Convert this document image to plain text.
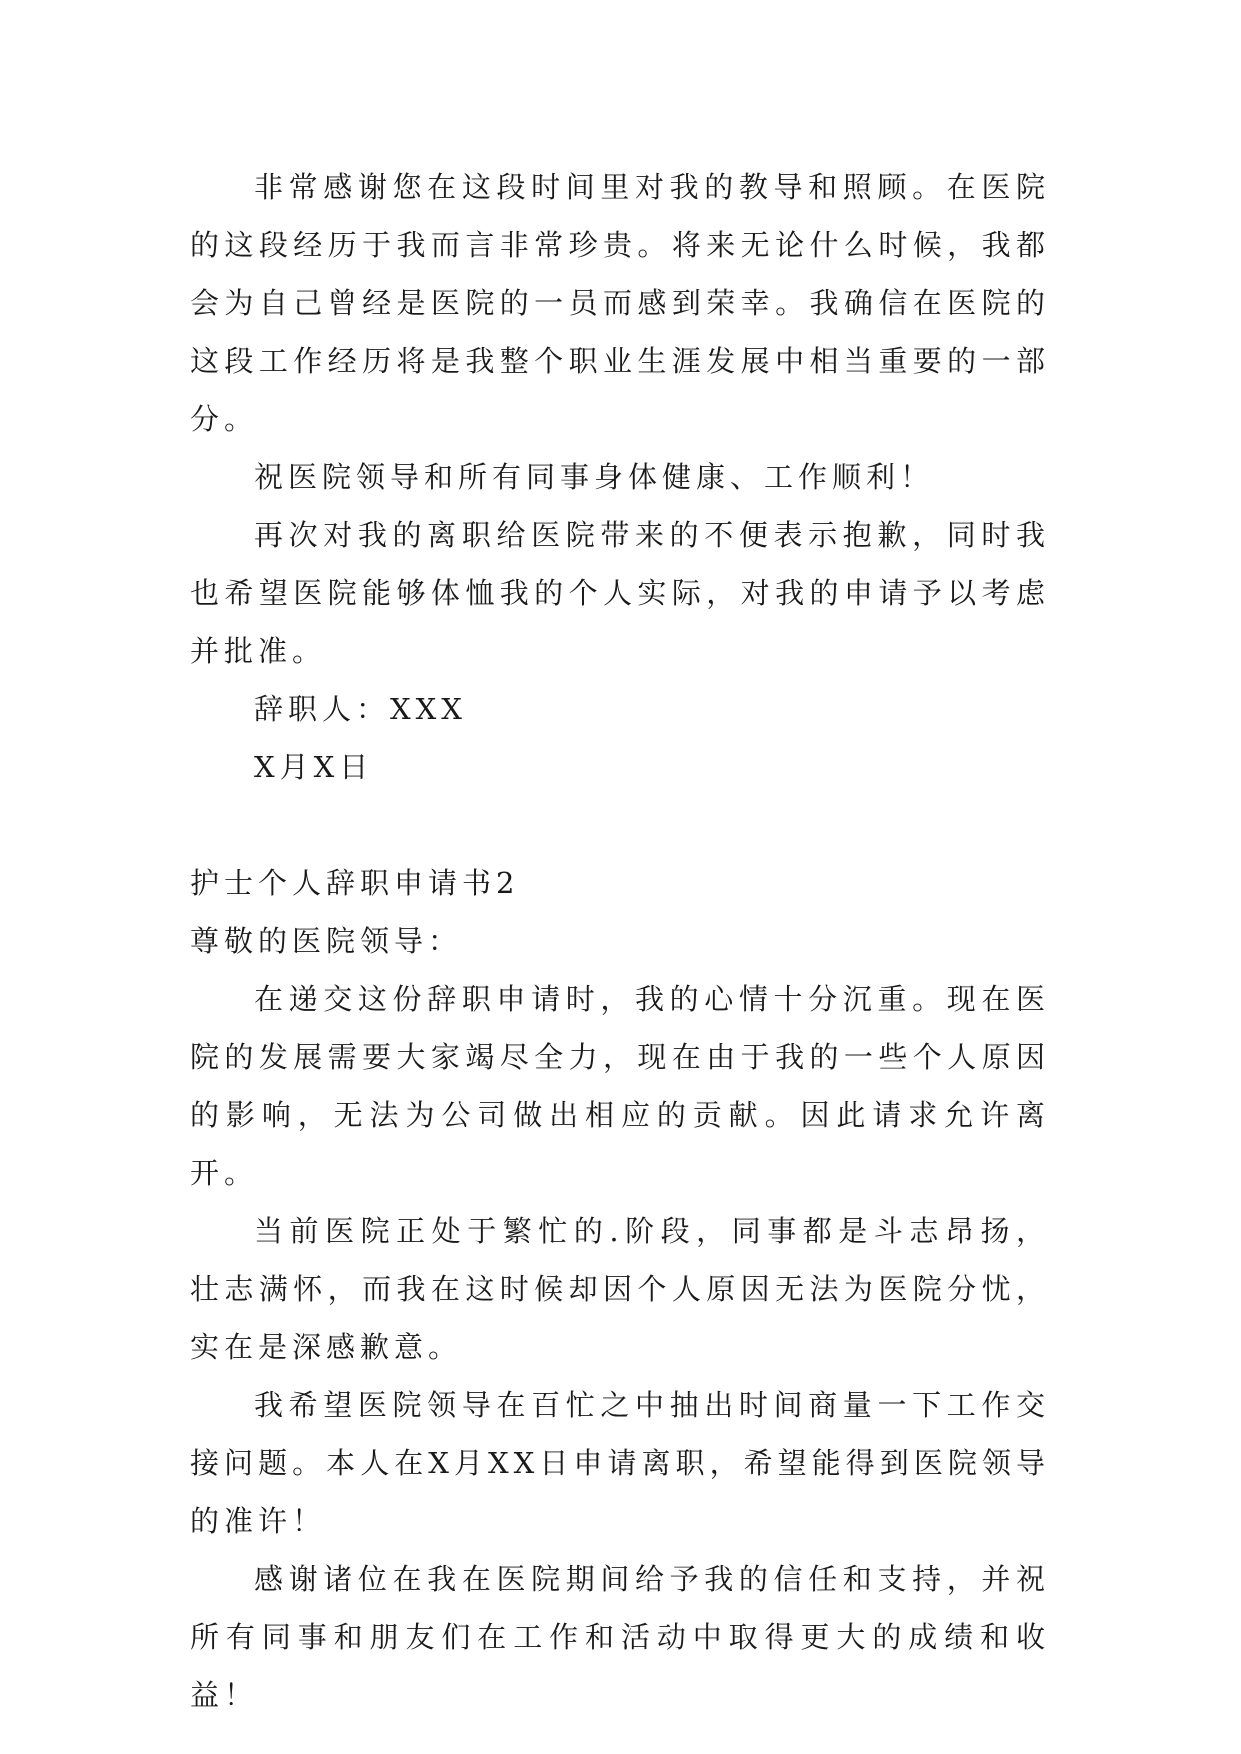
非常感谢您在这段时间里对我的教导和照顾。在医院的这段经历于我而言非常珍贵。将来无论什么时候，我都会为自己曾经是医院的一员而感到荣幸。我确信在医院的这段工作经历将是我整个职业生涯发展中相当重要的一部分。

祝医院领导和所有同事身体健康、工作顺利！

再次对我的离职给医院带来的不便表示抱歉，同时我也希望医院能够体恤我的个人实际，对我的申请予以考虑并批准。

辞职人：XXX

X月X日

护士个人辞职申请书2

尊敬的医院领导：

在递交这份辞职申请时，我的心情十分沉重。现在医院的发展需要大家竭尽全力，现在由于我的一些个人原因的影响，无法为公司做出相应的贡献。因此请求允许离开。

当前医院正处于繁忙的.阶段，同事都是斗志昂扬，壮志满怀，而我在这时候却因个人原因无法为医院分忧，实在是深感歉意。

我希望医院领导在百忙之中抽出时间商量一下工作交接问题。本人在X月XX日申请离职，希望能得到医院领导的准许！

感谢诸位在我在医院期间给予我的信任和支持，并祝所有同事和朋友们在工作和活动中取得更大的成绩和收益！
